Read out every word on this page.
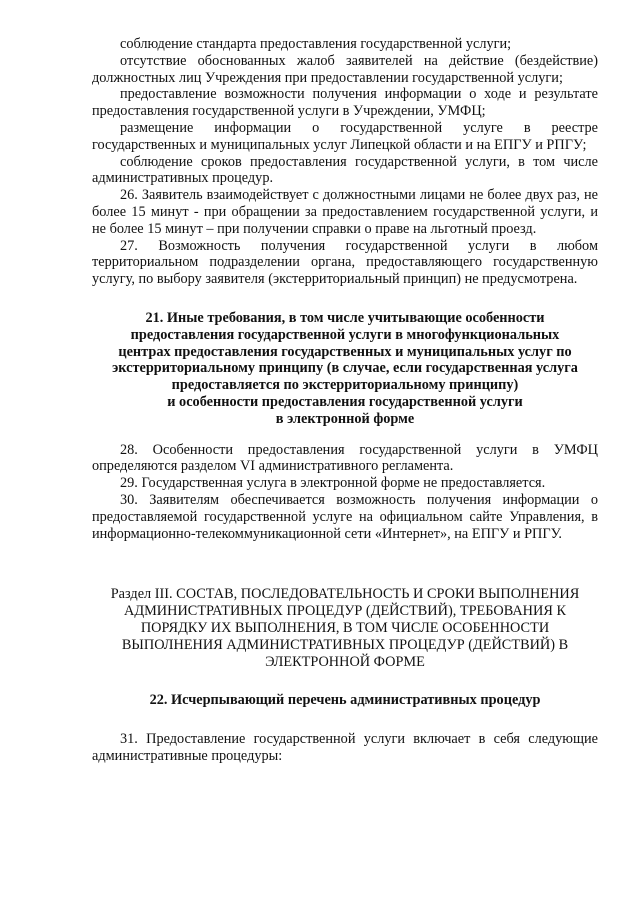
соблюдение стандарта предоставления государственной услуги;

отсутствие обоснованных жалоб заявителей на действие (бездействие) должностных лиц Учреждения при предоставлении государственной услуги;

предоставление возможности получения информации о ходе и результате предоставления государственной услуги в Учреждении, УМФЦ;

размещение информации о государственной услуге в реестре государственных и муниципальных услуг Липецкой области и на ЕПГУ и РПГУ;

соблюдение сроков предоставления государственной услуги, в том числе административных процедур.

26. Заявитель взаимодействует с должностными лицами не более двух раз, не более 15 минут - при обращении за предоставлением государственной услуги, и не более 15 минут – при получении справки о праве на льготный проезд.

27. Возможность получения государственной услуги в любом территориальном подразделении органа, предоставляющего государственную услугу, по выбору заявителя (экстерриториальный принцип) не предусмотрена.

21. Иные требования, в том числе учитывающие особенности
предоставления государственной услуги в многофункциональных
центрах предоставления государственных и муниципальных услуг по
экстерриториальному принципу (в случае, если государственная услуга
предоставляется по экстерриториальному принципу)
и особенности предоставления государственной услуги
в электронной форме

28. Особенности предоставления государственной услуги в УМФЦ определяются разделом VI административного регламента.

29. Государственная услуга в электронной форме не предоставляется.

30. Заявителям обеспечивается возможность получения информации о предоставляемой государственной услуге на официальном сайте Управления, в информационно-телекоммуникационной сети «Интернет», на ЕПГУ и РПГУ.

Раздел III. СОСТАВ, ПОСЛЕДОВАТЕЛЬНОСТЬ И СРОКИ ВЫПОЛНЕНИЯ
АДМИНИСТРАТИВНЫХ ПРОЦЕДУР (ДЕЙСТВИЙ), ТРЕБОВАНИЯ К
ПОРЯДКУ ИХ ВЫПОЛНЕНИЯ, В ТОМ ЧИСЛЕ ОСОБЕННОСТИ
ВЫПОЛНЕНИЯ АДМИНИСТРАТИВНЫХ ПРОЦЕДУР (ДЕЙСТВИЙ) В
ЭЛЕКТРОННОЙ ФОРМЕ
22. Исчерпывающий перечень административных процедур

31. Предоставление государственной услуги включает в себя следующие административные процедуры:
